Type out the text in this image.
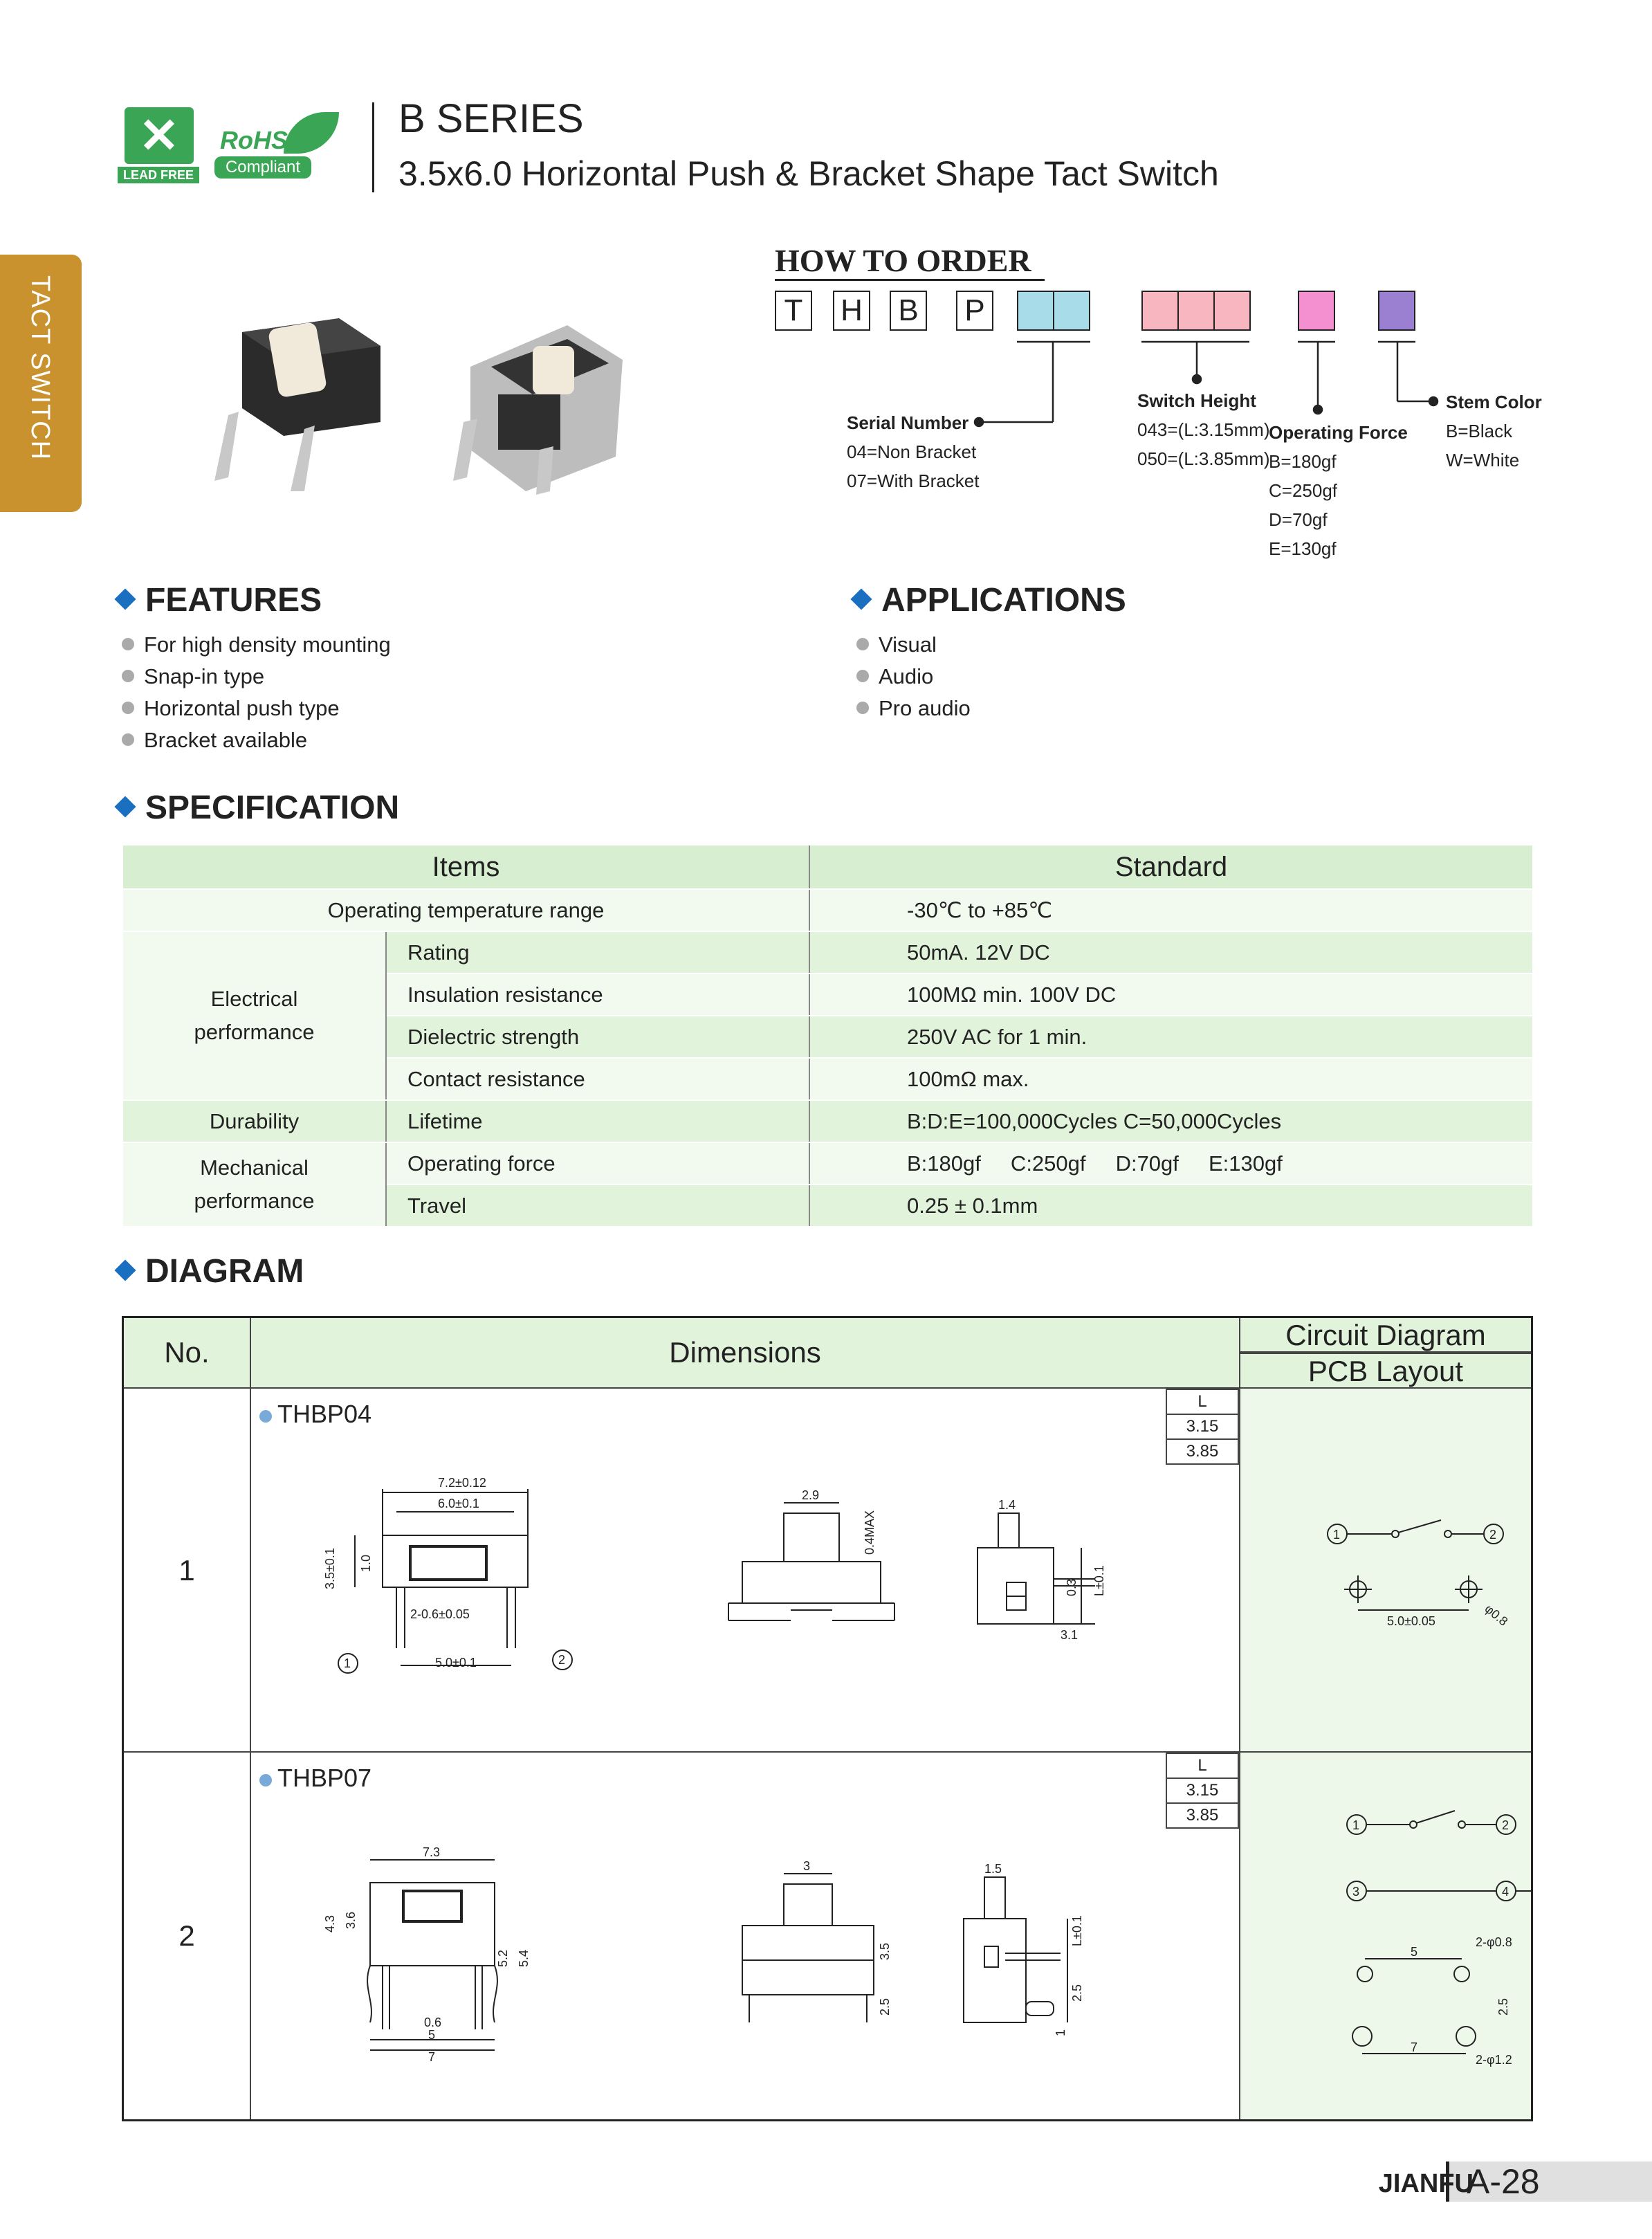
✕
LEAD FREE
RoHS
Compliant
B SERIES
3.5x6.0 Horizontal Push & Bracket Shape Tact Switch
TACT SWITCH
HOW TO ORDER
T	H B P
Serial Number
04=Non Bracket
07=With Bracket
Switch Height
043=(L:3.15mm)
050=(L:3.85mm)
Operating Force
B=180gf
C=250gf
D=70gf
E=130gf
Stem Color
B=Black
W=White
FEATURES
For high density mounting
Snap-in type
Horizontal push type
Bracket available
APPLICATIONS
Visual
Audio
Pro audio
SPECIFICATION
Items		Standard
Operating temperature range		-30℃ to +85℃
Electrical
performance	Rating	50mA. 12V DC
	Insulation resistance	100MΩ min. 100V DC
	Dielectric strength	250V AC for 1 min.
	Contact resistance	100mΩ max.
Durability	Lifetime	B:D:E=100,000Cycles C=50,000Cycles
Mechanical
performance	Operating force	B:180gf     C:250gf     D:70gf     E:130gf
	Travel	0.25 ± 0.1mm
DIAGRAM
No.	Dimensions
Circuit Diagram
PCB Layout
1
THBP04	L
3.15
3.85
7.2±0.12
6.0±0.1
3.5±0.1 1.0
2-0.6±0.05
5.0±0.1
1	2
2.9
0.4MAX
1.4
0.3 L±0.1
3.1
1	2
5.0±0.05	φ0.8
2
THBP07	L
3.15
3.85
7.3
4.3 3.6
5.2 5.4
0.6
5
7
3
3.5
2.5
1.5
L±0.1
2.5
1
1	2
3	4
2-φ0.8
5
2.5
7
2-φ1.2
JIANFU
A-28
